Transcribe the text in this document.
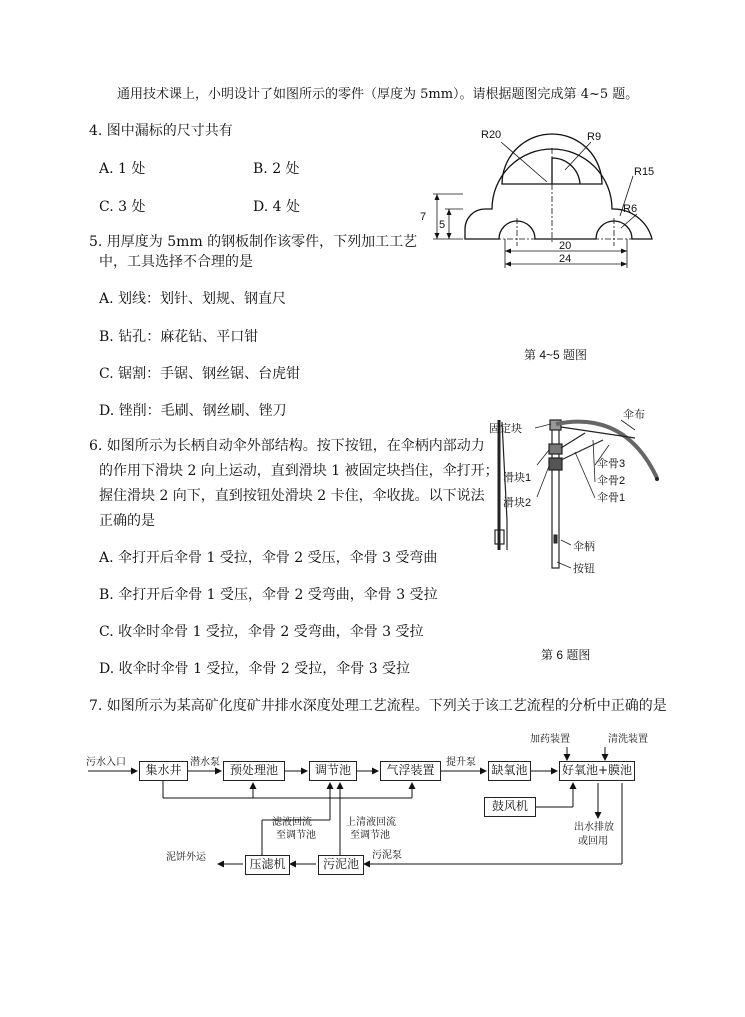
通用技术课上，小明设计了如图所示的零件（厚度为 5mm）。请根据题图完成第 4~5 题。
4. 图中漏标的尺寸共有
A. 1 处	B. 2 处
C. 3 处	D. 4 处
5. 用厚度为 5mm 的钢板制作该零件，下列加工工艺
中，工具选择不合理的是
A. 划线：划针、划规、钢直尺
B. 钻孔：麻花钻、平口钳
C. 锯割：手锯、钢丝锯、台虎钳
D. 锉削：毛刷、钢丝刷、锉刀
R20	R9
R15
R6
7
5
20
24
第 4~5 题图
6. 如图所示为长柄自动伞外部结构。按下按钮，在伞柄内部动力
的作用下滑块 2 向上运动，直到滑块 1 被固定块挡住，伞打开；
握住滑块 2 向下，直到按钮处滑块 2 卡住，伞收拢。以下说法
正确的是
A. 伞打开后伞骨 1 受拉，伞骨 2 受压，伞骨 3 受弯曲
B. 伞打开后伞骨 1 受压，伞骨 2 受弯曲，伞骨 3 受拉
C. 收伞时伞骨 1 受拉，伞骨 2 受弯曲，伞骨 3 受拉
D. 收伞时伞骨 1 受拉，伞骨 2 受拉，伞骨 3 受拉
固定块
伞布
滑块1
滑块2
伞骨3
伞骨2
伞骨1
伞柄
按钮
第 6 题图
7. 如图所示为某高矿化度矿井排水深度处理工艺流程。下列关于该工艺流程的分析中正确的是
污水入口	潜水泵	提升泵
加药装置	清洗装置
滤液回流
至调节池
上清液回流
至调节池
出水排放
或回用
泥饼外运	污泥泵
集水井	预处理池	调节池	气浮装置	缺氧池	好氧池+膜池
鼓风机
压滤机	污泥池
